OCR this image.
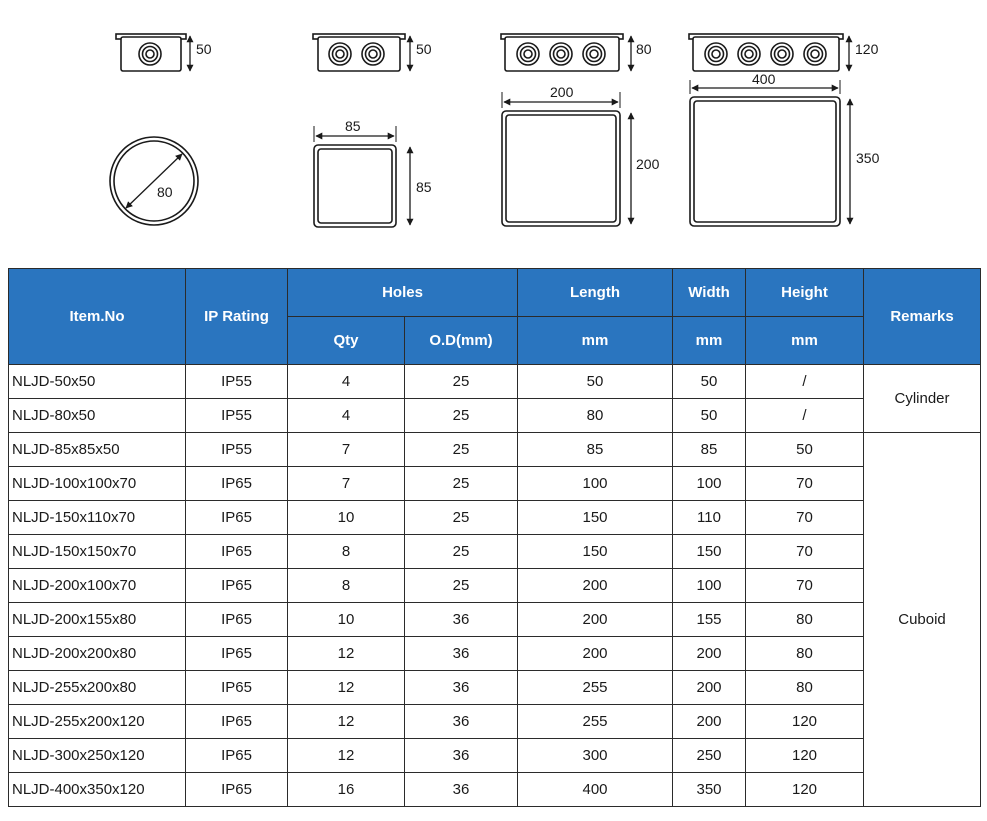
50	50	80	120
80
85
85
200
200
400
350
Item.No	IP Rating	Holes		Length	Width	Height	Remarks
		Qty	O.D(mm)	mm	mm	mm	
NLJD-50x50	IP55	4	25	50	50	/	Cylinder
NLJD-80x50	IP55	4	25	80	50	/	
NLJD-85x85x50	IP55	7	25	85	85	50	Cuboid
NLJD-100x100x70	IP65	7	25	100	100	70	
NLJD-150x110x70	IP65	10	25	150	110	70	
NLJD-150x150x70	IP65	8	25	150	150	70	
NLJD-200x100x70	IP65	8	25	200	100	70	
NLJD-200x155x80	IP65	10	36	200	155	80	
NLJD-200x200x80	IP65	12	36	200	200	80	
NLJD-255x200x80	IP65	12	36	255	200	80	
NLJD-255x200x120	IP65	12	36	255	200	120	
NLJD-300x250x120	IP65	12	36	300	250	120	
NLJD-400x350x120	IP65	16	36	400	350	120	
